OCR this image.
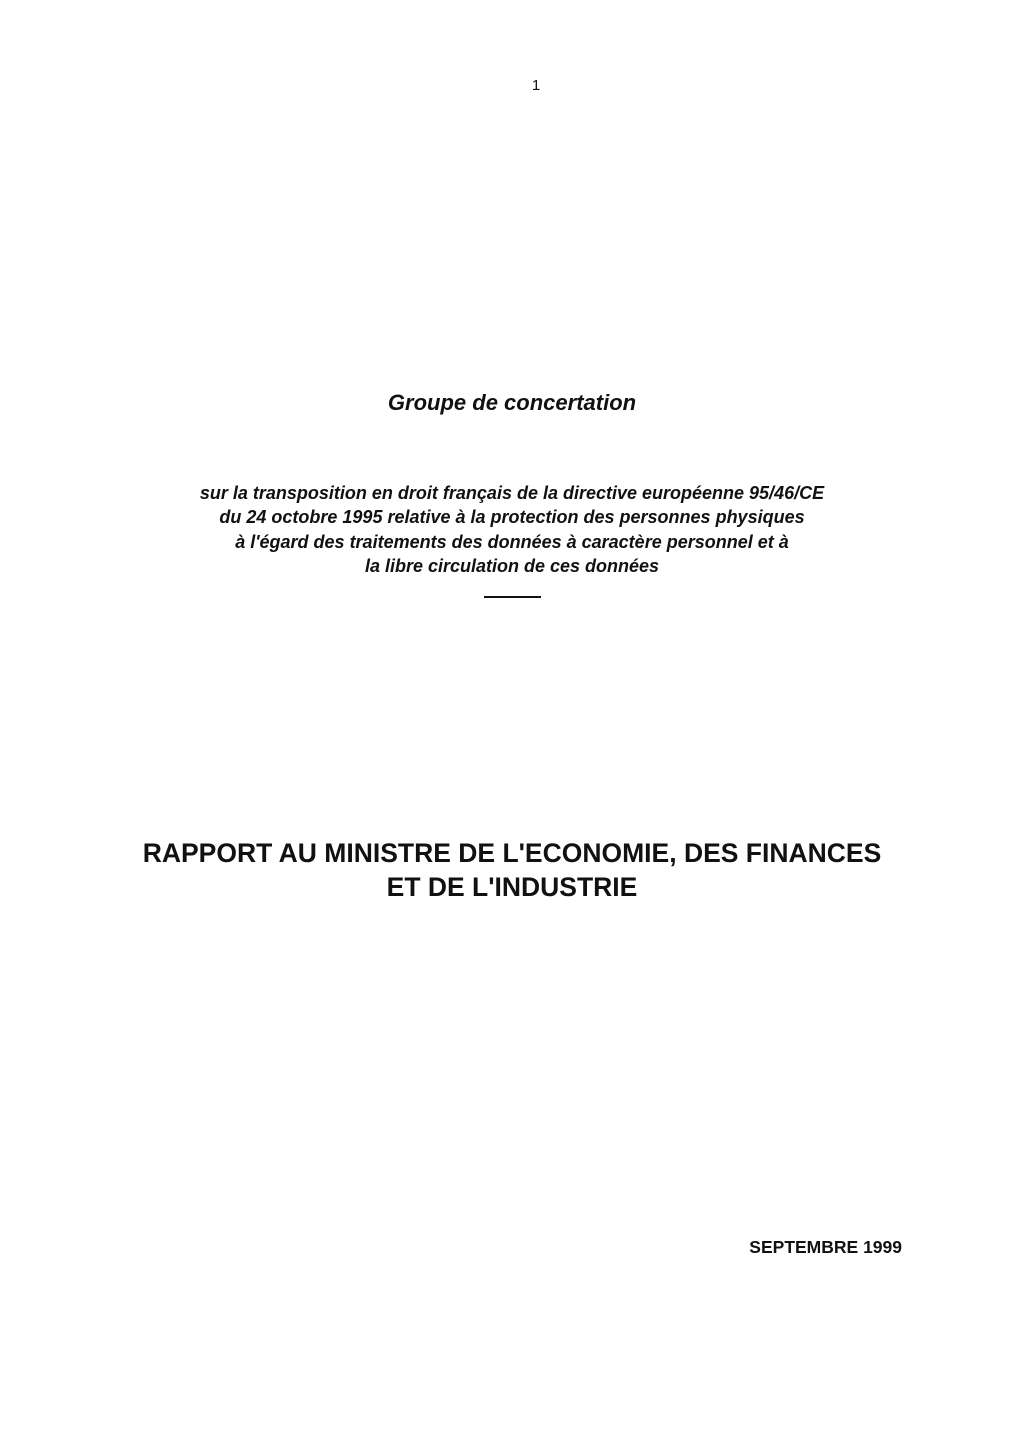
1
Groupe de concertation
sur la transposition en droit français de la directive européenne 95/46/CE
du 24 octobre 1995 relative à la protection des personnes physiques
à l'égard des traitements des données à caractère personnel et à
la libre circulation de ces données
RAPPORT AU MINISTRE DE L'ECONOMIE, DES FINANCES
ET DE L'INDUSTRIE
SEPTEMBRE 1999
